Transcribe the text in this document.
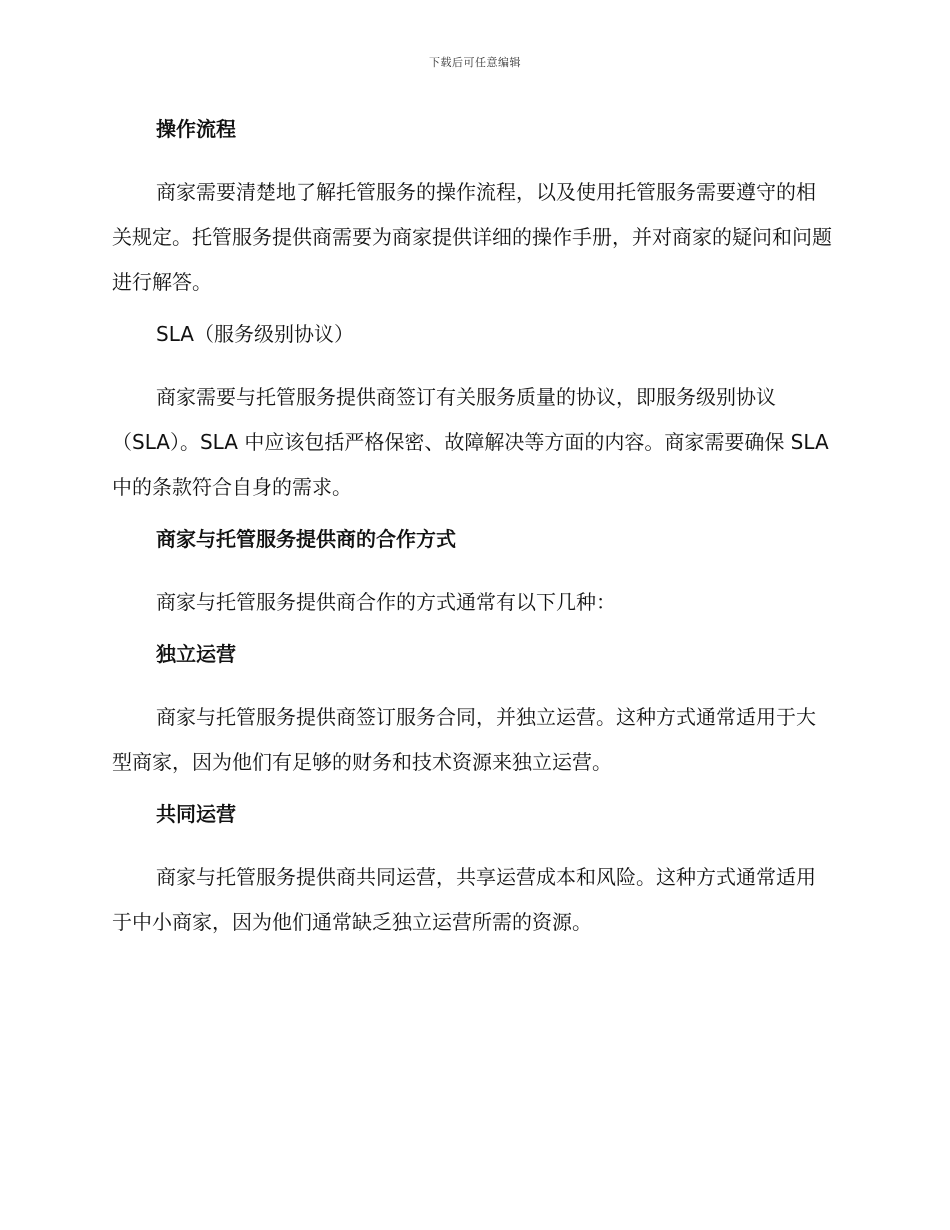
下载后可任意编辑
操作流程
商家需要清楚地了解托管服务的操作流程，以及使用托管服务需要遵守的相关规定。托管服务提供商需要为商家提供详细的操作手册，并对商家的疑问和问题进行解答。
SLA（服务级别协议）
商家需要与托管服务提供商签订有关服务质量的协议，即服务级别协议（SLA）。SLA 中应该包括严格保密、故障解决等方面的内容。商家需要确保 SLA 中的条款符合自身的需求。
商家与托管服务提供商的合作方式
商家与托管服务提供商合作的方式通常有以下几种：
独立运营
商家与托管服务提供商签订服务合同，并独立运营。这种方式通常适用于大型商家，因为他们有足够的财务和技术资源来独立运营。
共同运营
商家与托管服务提供商共同运营，共享运营成本和风险。这种方式通常适用于中小商家，因为他们通常缺乏独立运营所需的资源。
